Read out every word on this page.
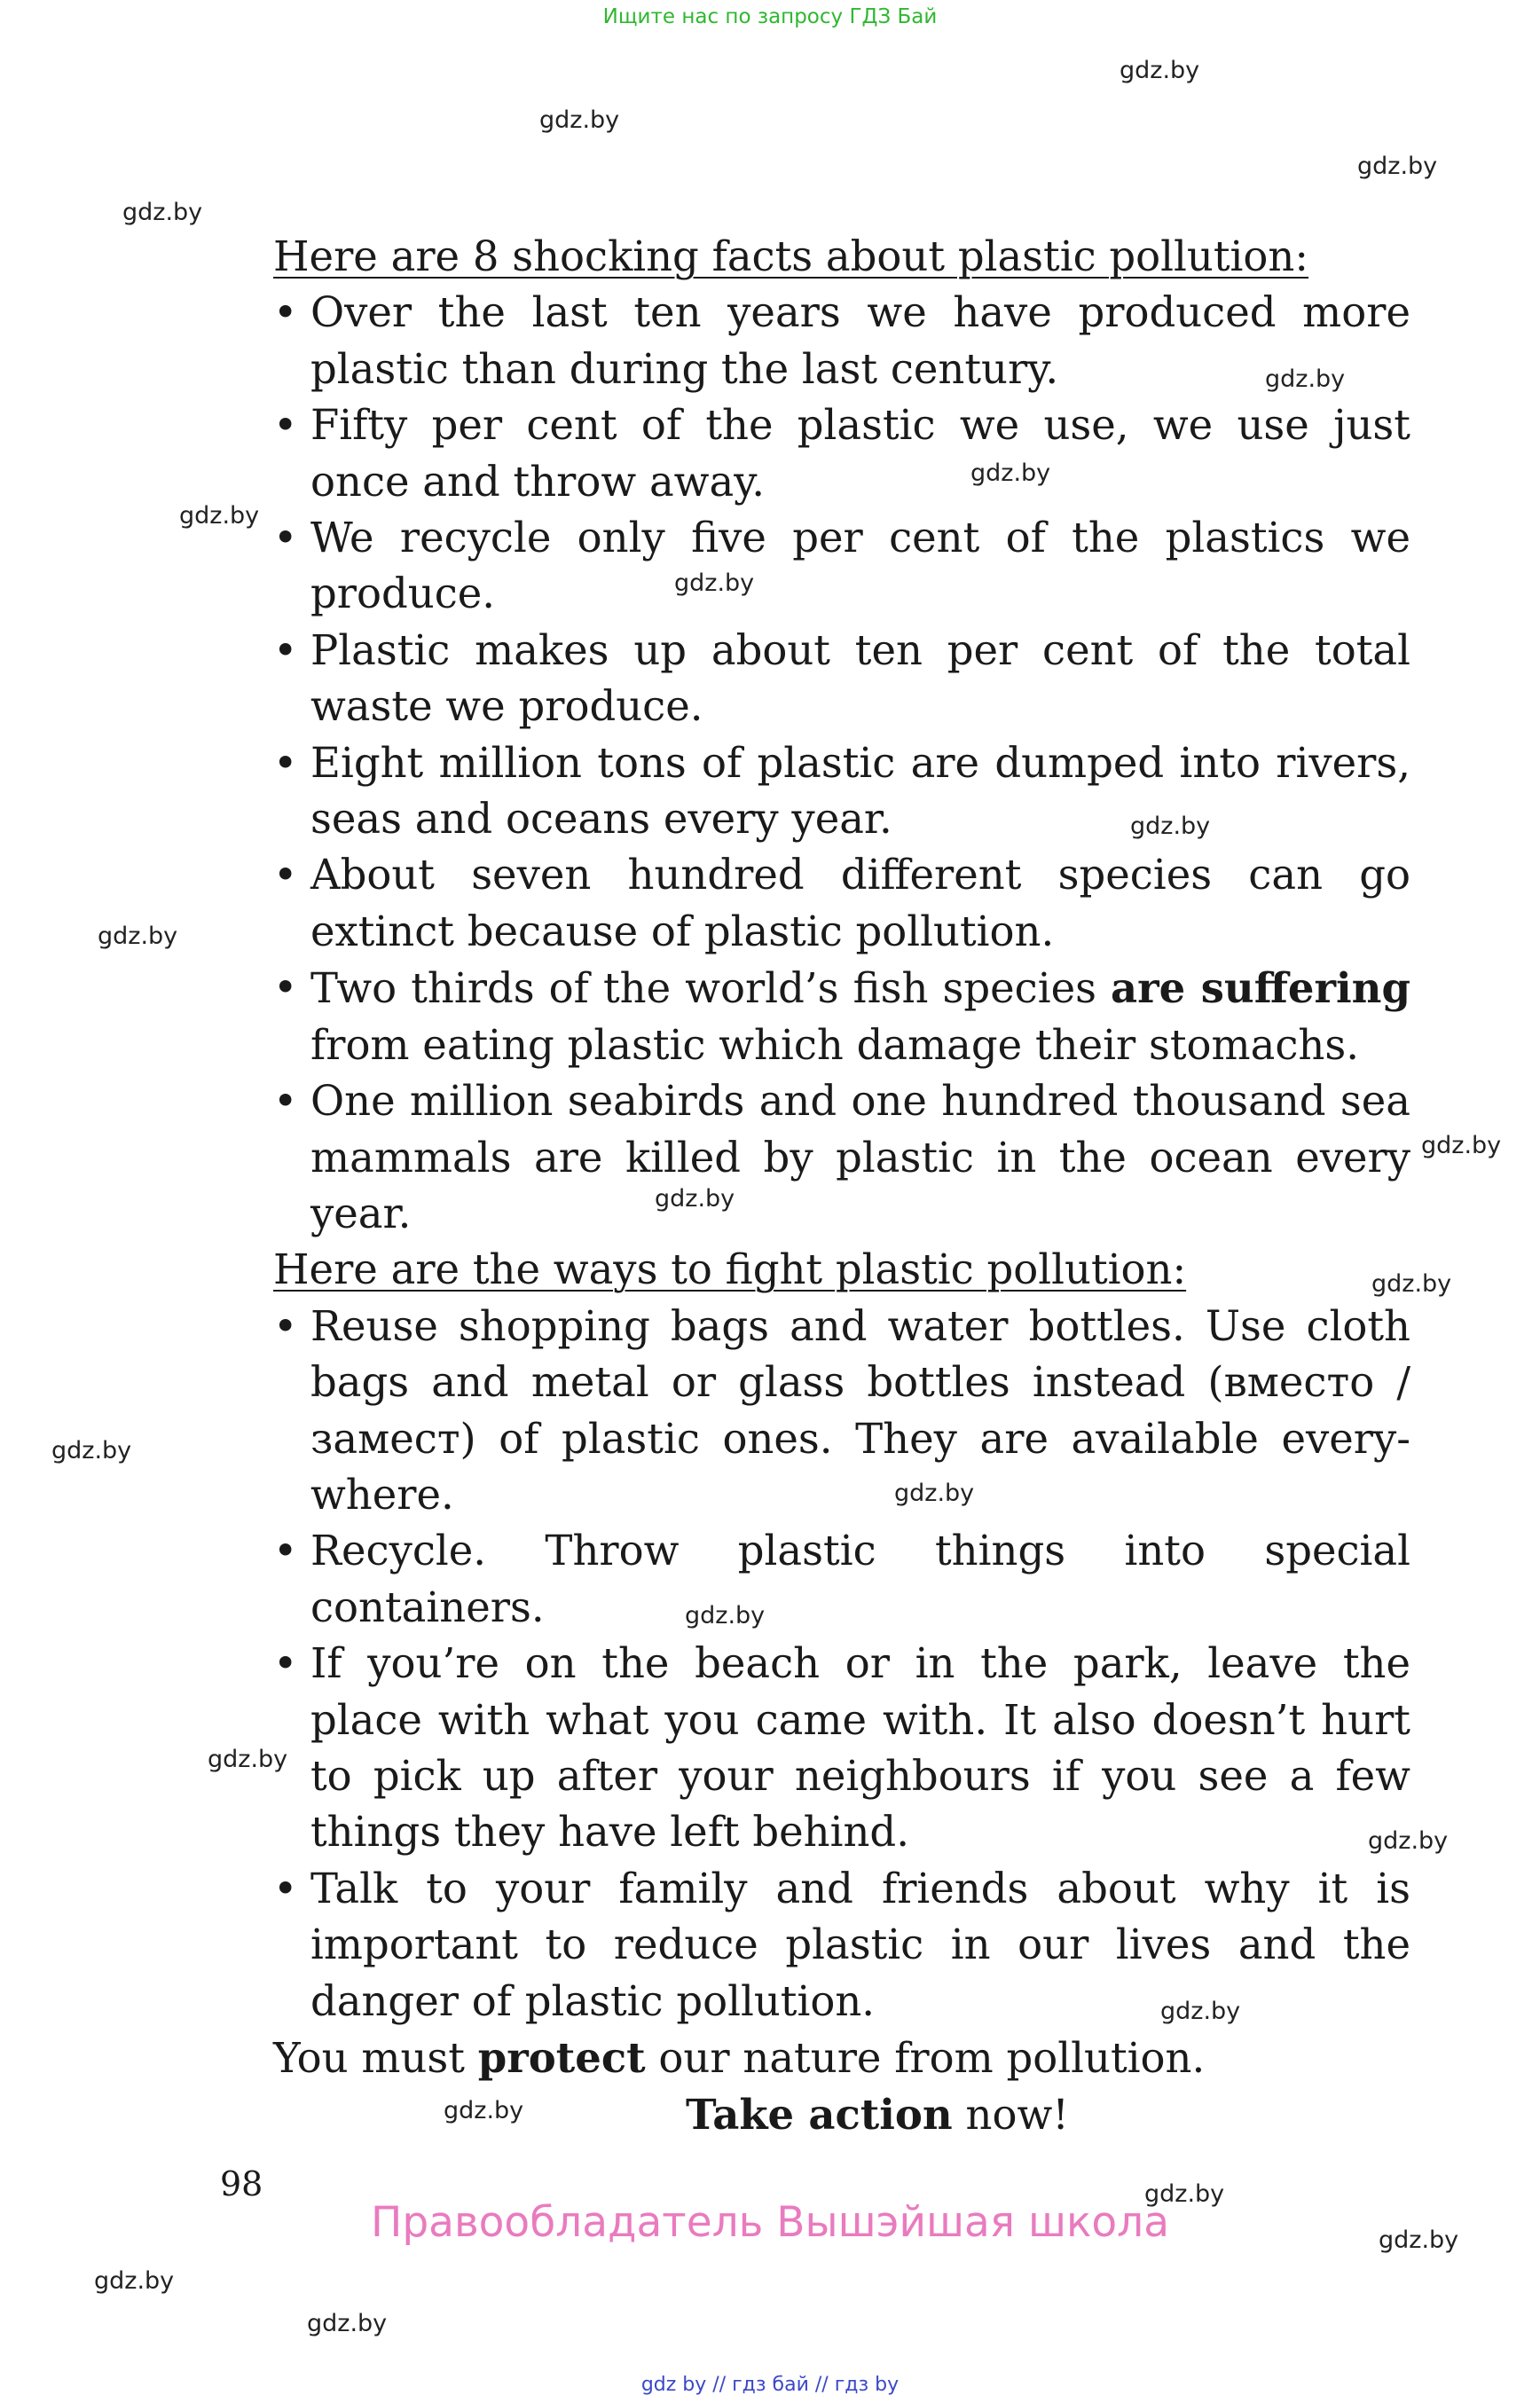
Ищите нас по запросу ГДЗ Бай
gdz.by
gdz.by
gdz.by
gdz.by
gdz.by
gdz.by
gdz.by
gdz.by
gdz.by
gdz.by
gdz.by
gdz.by
gdz.by
gdz.by
gdz.by
gdz.by
gdz.by
gdz.by
gdz.by
gdz.by
gdz.by
gdz.by
gdz.by
gdz.by
Here are 8 shocking facts about plastic pollution:
• Over the last ten years we have produced more plastic than during the last century.
• Fifty per cent of the plastic we use, we use just once and throw away.
• We recycle only five per cent of the plastics we produce.
• Plastic makes up about ten per cent of the total waste we produce.
• Eight million tons of plastic are dumped into rivers, seas and oceans every year.
• About seven hundred different species can go extinct because of plastic pollution.
• Two thirds of the world’s fish species are suffering from eating plastic which damage their stomachs.
• One million seabirds and one hundred thousand sea mammals are killed by plastic in the ocean every year.
Here are the ways to fight plastic pollution:
• Reuse shopping bags and water bottles. Use cloth bags and metal or glass bottles instead (вместо / замест) of plastic ones. They are available every-where.
• Recycle. Throw plastic things into special containers.
• If you’re on the beach or in the park, leave the place with what you came with. It also doesn’t hurt to pick up after your neighbours if you see a few things they have left behind.
• Talk to your family and friends about why it is important to reduce plastic in our lives and the danger of plastic pollution.
You must protect our nature from pollution.
Take action now!
98
Правообладатель Вышэйшая школа
gdz by // гдз бай // гдз by
